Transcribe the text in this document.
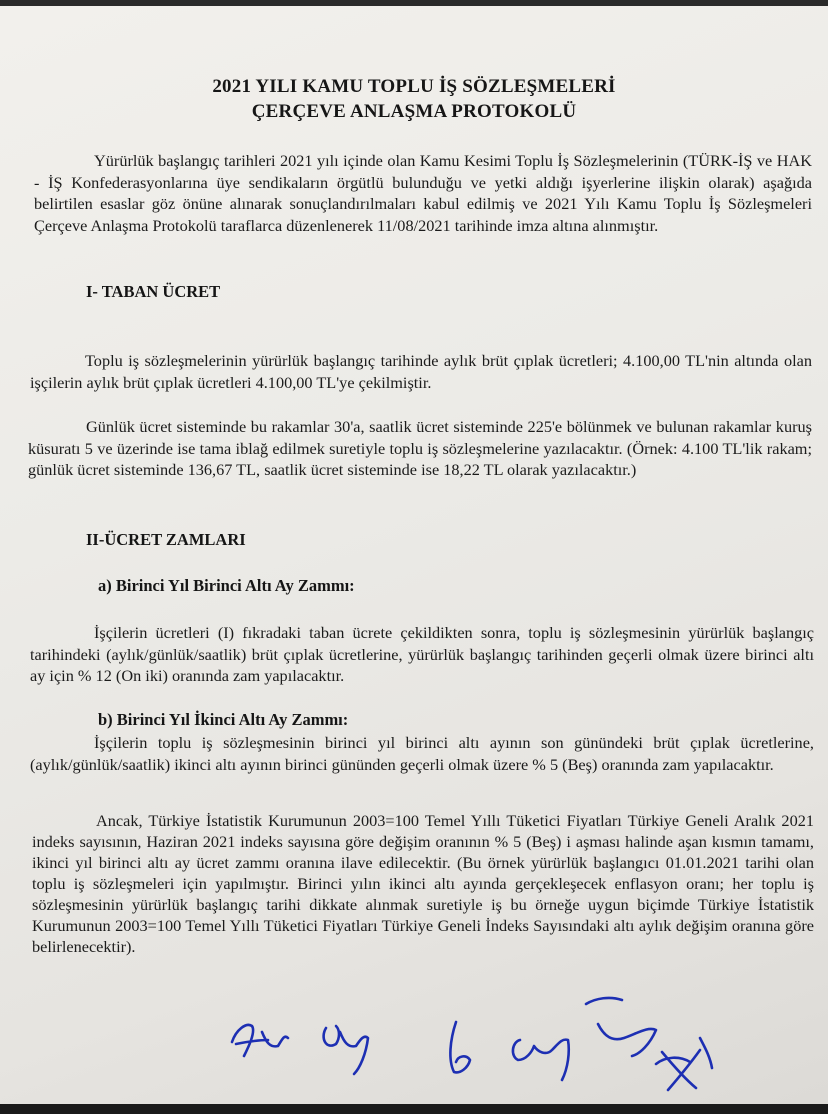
2021 YILI KAMU TOPLU İŞ SÖZLEŞMELERİ
ÇERÇEVE ANLAŞMA PROTOKOLÜ

Yürürlük başlangıç tarihleri 2021 yılı içinde olan Kamu Kesimi Toplu İş Sözleşmelerinin (TÜRK-İŞ ve HAK - İŞ Konfederasyonlarına üye sendikaların örgütlü bulunduğu ve yetki aldığı işyerlerine ilişkin olarak) aşağıda belirtilen esaslar göz önüne alınarak sonuçlandırılmaları kabul edilmiş ve 2021 Yılı Kamu Toplu İş Sözleşmeleri Çerçeve Anlaşma Protokolü taraflarca düzenlenerek 11/08/2021 tarihinde imza altına alınmıştır.

I- TABAN ÜCRET

Toplu iş sözleşmelerinin yürürlük başlangıç tarihinde aylık brüt çıplak ücretleri; 4.100,00 TL'nin altında olan işçilerin aylık brüt çıplak ücretleri 4.100,00 TL'ye çekilmiştir.

Günlük ücret sisteminde bu rakamlar 30'a, saatlik ücret sisteminde 225'e bölünmek ve bulunan rakamlar kuruş küsuratı 5 ve üzerinde ise tama iblağ edilmek suretiyle toplu iş sözleşmelerine yazılacaktır. (Örnek: 4.100 TL'lik rakam; günlük ücret sisteminde 136,67 TL, saatlik ücret sisteminde ise 18,22 TL olarak yazılacaktır.)

II-ÜCRET ZAMLARI
a) Birinci Yıl Birinci Altı Ay Zammı:

İşçilerin ücretleri (I) fıkradaki taban ücrete çekildikten sonra, toplu iş sözleşmesinin yürürlük başlangıç tarihindeki (aylık/günlük/saatlik) brüt çıplak ücretlerine, yürürlük başlangıç tarihinden geçerli olmak üzere birinci altı ay için % 12 (On iki) oranında zam yapılacaktır.

b) Birinci Yıl İkinci Altı Ay Zammı:

İşçilerin toplu iş sözleşmesinin birinci yıl birinci altı ayının son günündeki brüt çıplak ücretlerine, (aylık/günlük/saatlik) ikinci altı ayının birinci gününden geçerli olmak üzere % 5 (Beş) oranında zam yapılacaktır.

Ancak, Türkiye İstatistik Kurumunun 2003=100 Temel Yıllı Tüketici Fiyatları Türkiye Geneli Aralık 2021 indeks sayısının, Haziran 2021 indeks sayısına göre değişim oranının % 5 (Beş) i aşması halinde aşan kısmın tamamı, ikinci yıl birinci altı ay ücret zammı oranına ilave edilecektir. (Bu örnek yürürlük başlangıcı 01.01.2021 tarihi olan toplu iş sözleşmeleri için yapılmıştır. Birinci yılın ikinci altı ayında gerçekleşecek enflasyon oranı; her toplu iş sözleşmesinin yürürlük başlangıç tarihi dikkate alınmak suretiyle iş bu örneğe uygun biçimde Türkiye İstatistik Kurumunun 2003=100 Temel Yıllı Tüketici Fiyatları Türkiye Geneli İndeks Sayısındaki altı aylık değişim oranına göre belirlenecektir).
